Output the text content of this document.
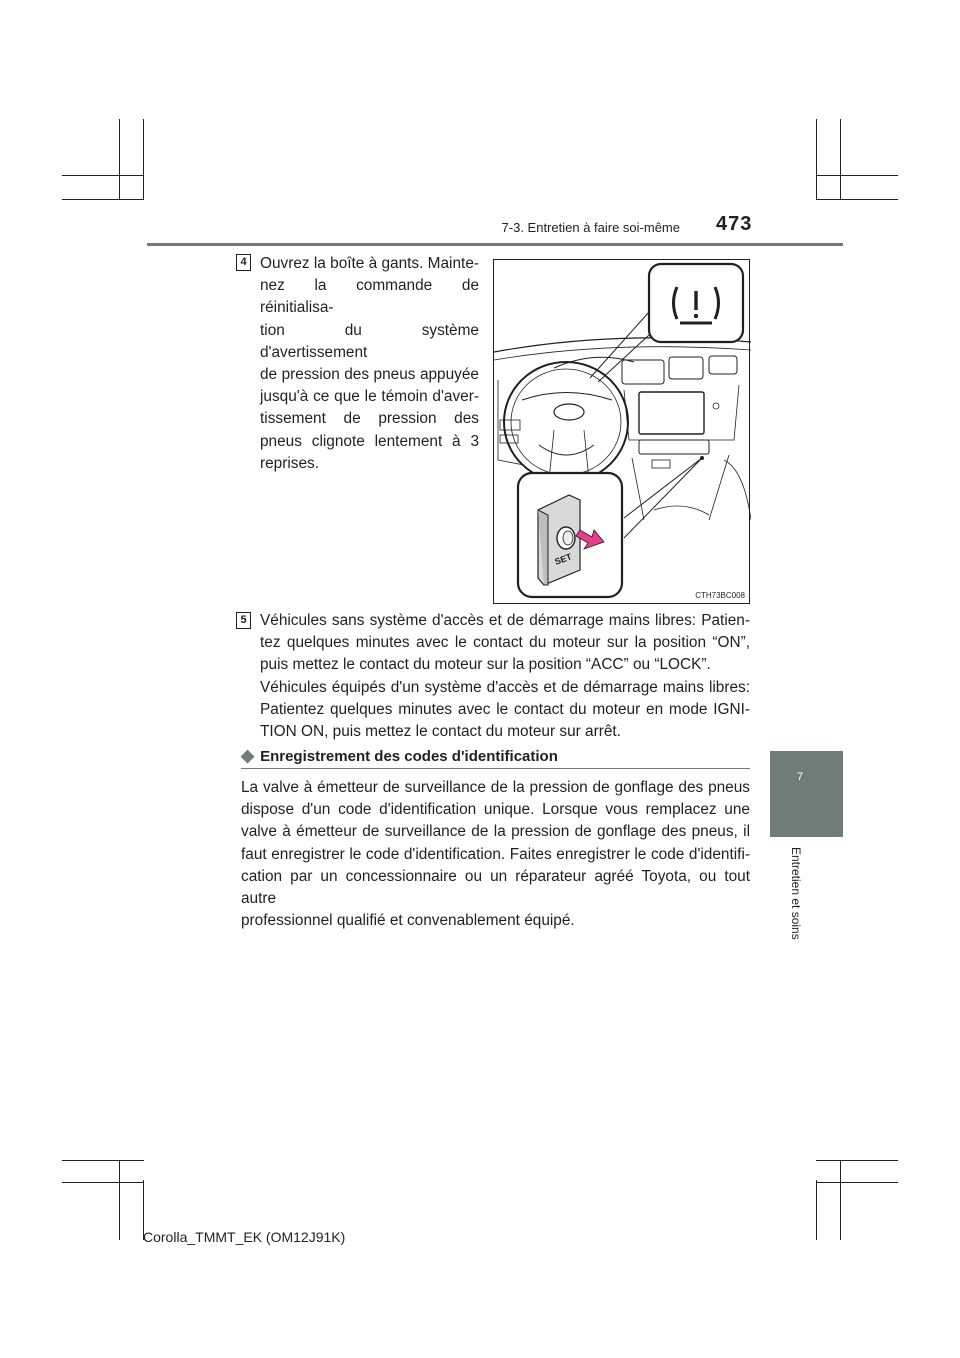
7-3. Entretien à faire soi-même 473
7
Entretien et soins
4 Ouvrez la boîte à gants. Mainte-
nez la commande de réinitialisa-
tion du système d'avertissement
de pression des pneus appuyée
jusqu'à ce que le témoin d'aver-
tissement de pression des
pneus clignote lentement à 3
reprises.
SET
CTH73BC008
5 Véhicules sans système d'accès et de démarrage mains libres: Patien-
tez quelques minutes avec le contact du moteur sur la position “ON”,
puis mettez le contact du moteur sur la position “ACC” ou “LOCK”.
Véhicules équipés d'un système d'accès et de démarrage mains libres:
Patientez quelques minutes avec le contact du moteur en mode IGNI-
TION ON, puis mettez le contact du moteur sur arrêt.
◆ Enregistrement des codes d'identification
La valve à émetteur de surveillance de la pression de gonflage des pneus
dispose d'un code d'identification unique. Lorsque vous remplacez une
valve à émetteur de surveillance de la pression de gonflage des pneus, il
faut enregistrer le code d'identification. Faites enregistrer le code d'identifi-
cation par un concessionnaire ou un réparateur agréé Toyota, ou tout autre
professionnel qualifié et convenablement équipé.
Corolla_TMMT_EK (OM12J91K)
